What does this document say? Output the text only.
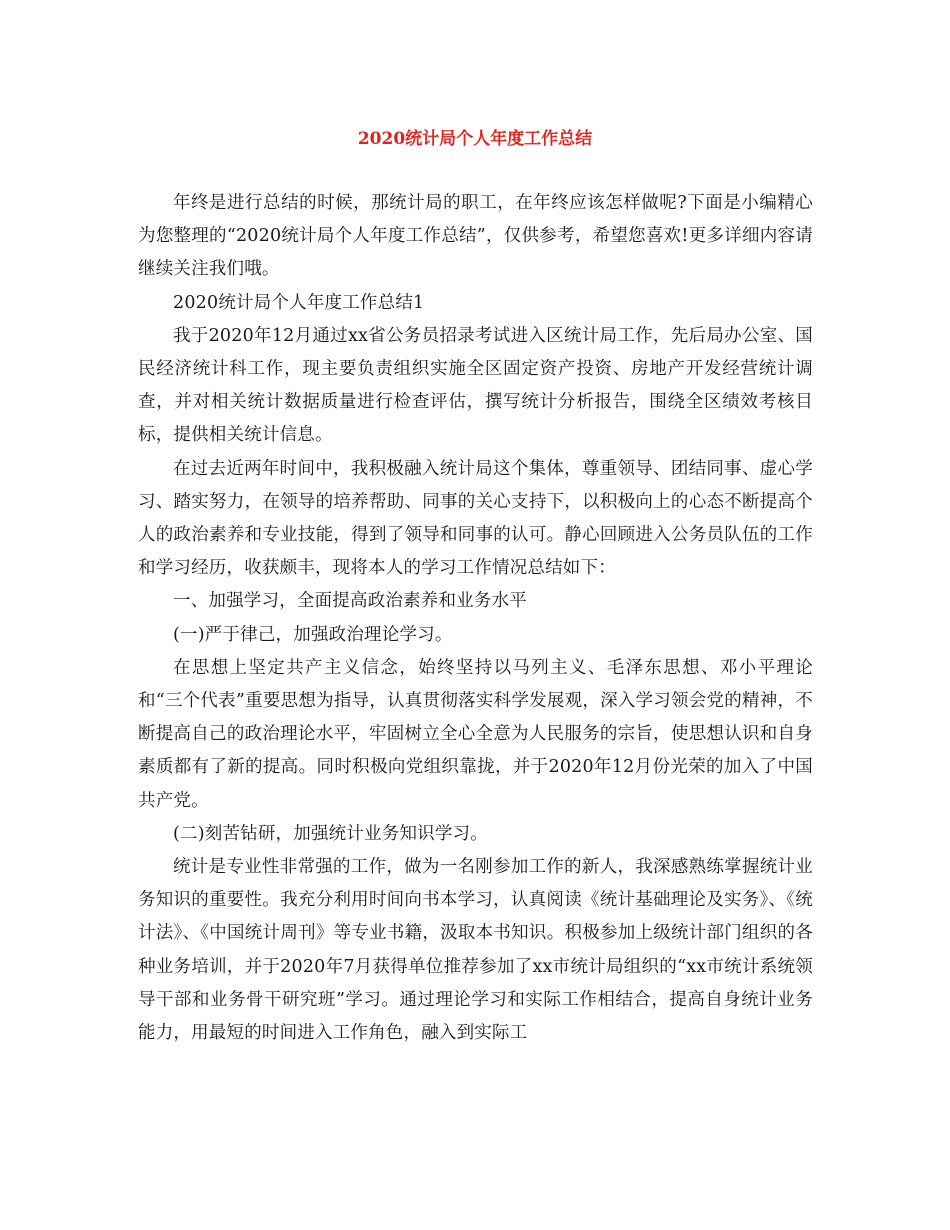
2020统计局个人年度工作总结

年终是进行总结的时候，那统计局的职工，在年终应该怎样做呢?下面是小编精心为您整理的“2020统计局个人年度工作总结”，仅供参考，希望您喜欢!更多详细内容请继续关注我们哦。

2020统计局个人年度工作总结1

我于2020年12月通过xx省公务员招录考试进入区统计局工作，先后局办公室、国民经济统计科工作，现主要负责组织实施全区固定资产投资、房地产开发经营统计调查，并对相关统计数据质量进行检查评估，撰写统计分析报告，围绕全区绩效考核目标，提供相关统计信息。

在过去近两年时间中，我积极融入统计局这个集体，尊重领导、团结同事、虚心学习、踏实努力，在领导的培养帮助、同事的关心支持下，以积极向上的心态不断提高个人的政治素养和专业技能，得到了领导和同事的认可。静心回顾进入公务员队伍的工作和学习经历，收获颇丰，现将本人的学习工作情况总结如下：

一、加强学习，全面提高政治素养和业务水平

(一)严于律己，加强政治理论学习。

在思想上坚定共产主义信念，始终坚持以马列主义、毛泽东思想、邓小平理论和“三个代表”重要思想为指导，认真贯彻落实科学发展观，深入学习领会党的精神，不断提高自己的政治理论水平，牢固树立全心全意为人民服务的宗旨，使思想认识和自身素质都有了新的提高。同时积极向党组织靠拢，并于2020年12月份光荣的加入了中国共产党。

(二)刻苦钻研，加强统计业务知识学习。

统计是专业性非常强的工作，做为一名刚参加工作的新人，我深感熟练掌握统计业务知识的重要性。我充分利用时间向书本学习，认真阅读《统计基础理论及实务》、《统计法》、《中国统计周刊》等专业书籍，汲取本书知识。积极参加上级统计部门组织的各种业务培训，并于2020年7月获得单位推荐参加了xx市统计局组织的“xx市统计系统领导干部和业务骨干研究班”学习。通过理论学习和实际工作相结合，提高自身统计业务能力，用最短的时间进入工作角色，融入到实际工
